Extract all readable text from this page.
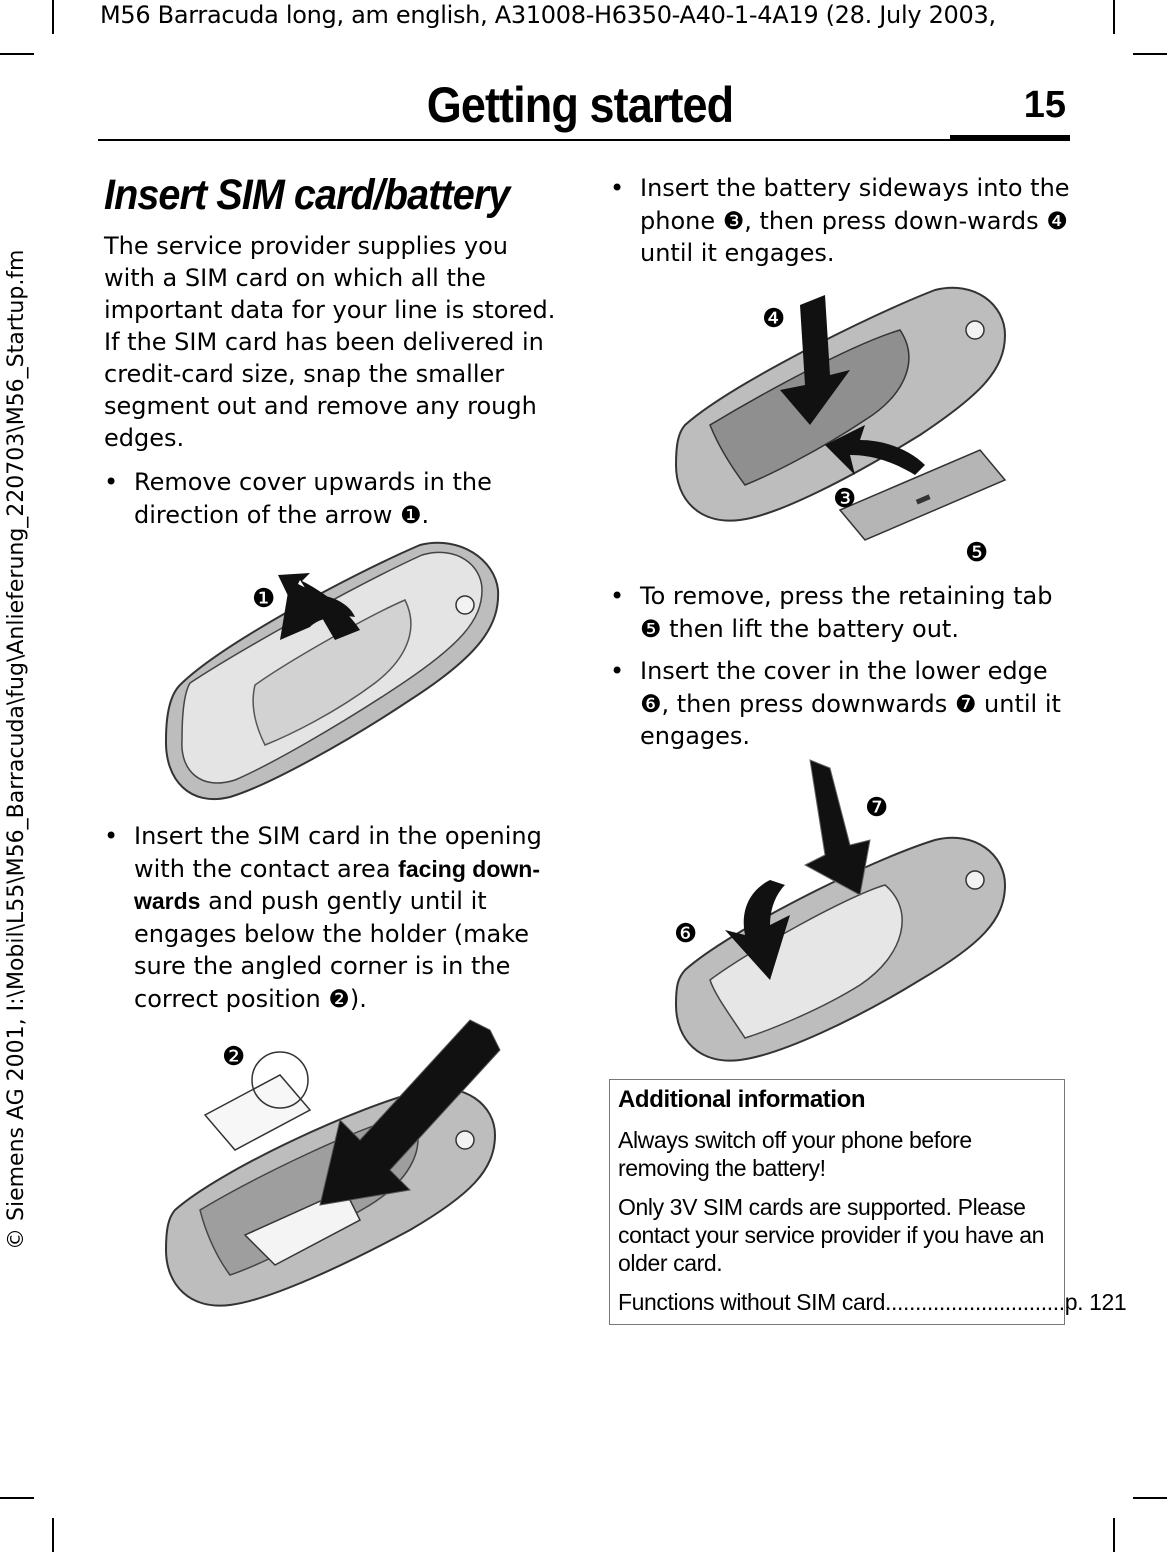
M56 Barracuda long, am english, A31008-H6350-A40-1-4A19 (28. July 2003,
© Siemens AG 2001, I:\Mobil\L55\M56_Barracuda\fug\Anlieferung_220703\M56_Startup.fm
Getting started	15
Insert SIM card/battery

The service provider supplies you with a SIM card on which all the important data for your line is stored. If the SIM card has been delivered in credit-card size, snap the smaller segment out and remove any rough edges.

• Remove cover upwards in the direction of the arrow ❶.
❶
• Insert the SIM card in the opening with the contact area facing down-wards and push gently until it engages below the holder (make sure the angled corner is in the correct position ❷).
❷
• Insert the battery sideways into the phone ❸, then press down-wards ❹ until it engages.
❹
❸
❺
• To remove, press the retaining tab ❺ then lift the battery out.
• Insert the cover in the lower edge ❻, then press downwards ❼ until it engages.
❼
❻
Additional information

Always switch off your phone before removing the battery!

Only 3V SIM cards are supported. Please contact your service provider if you have an older card.

Functions without SIM card .............................. p. 121
